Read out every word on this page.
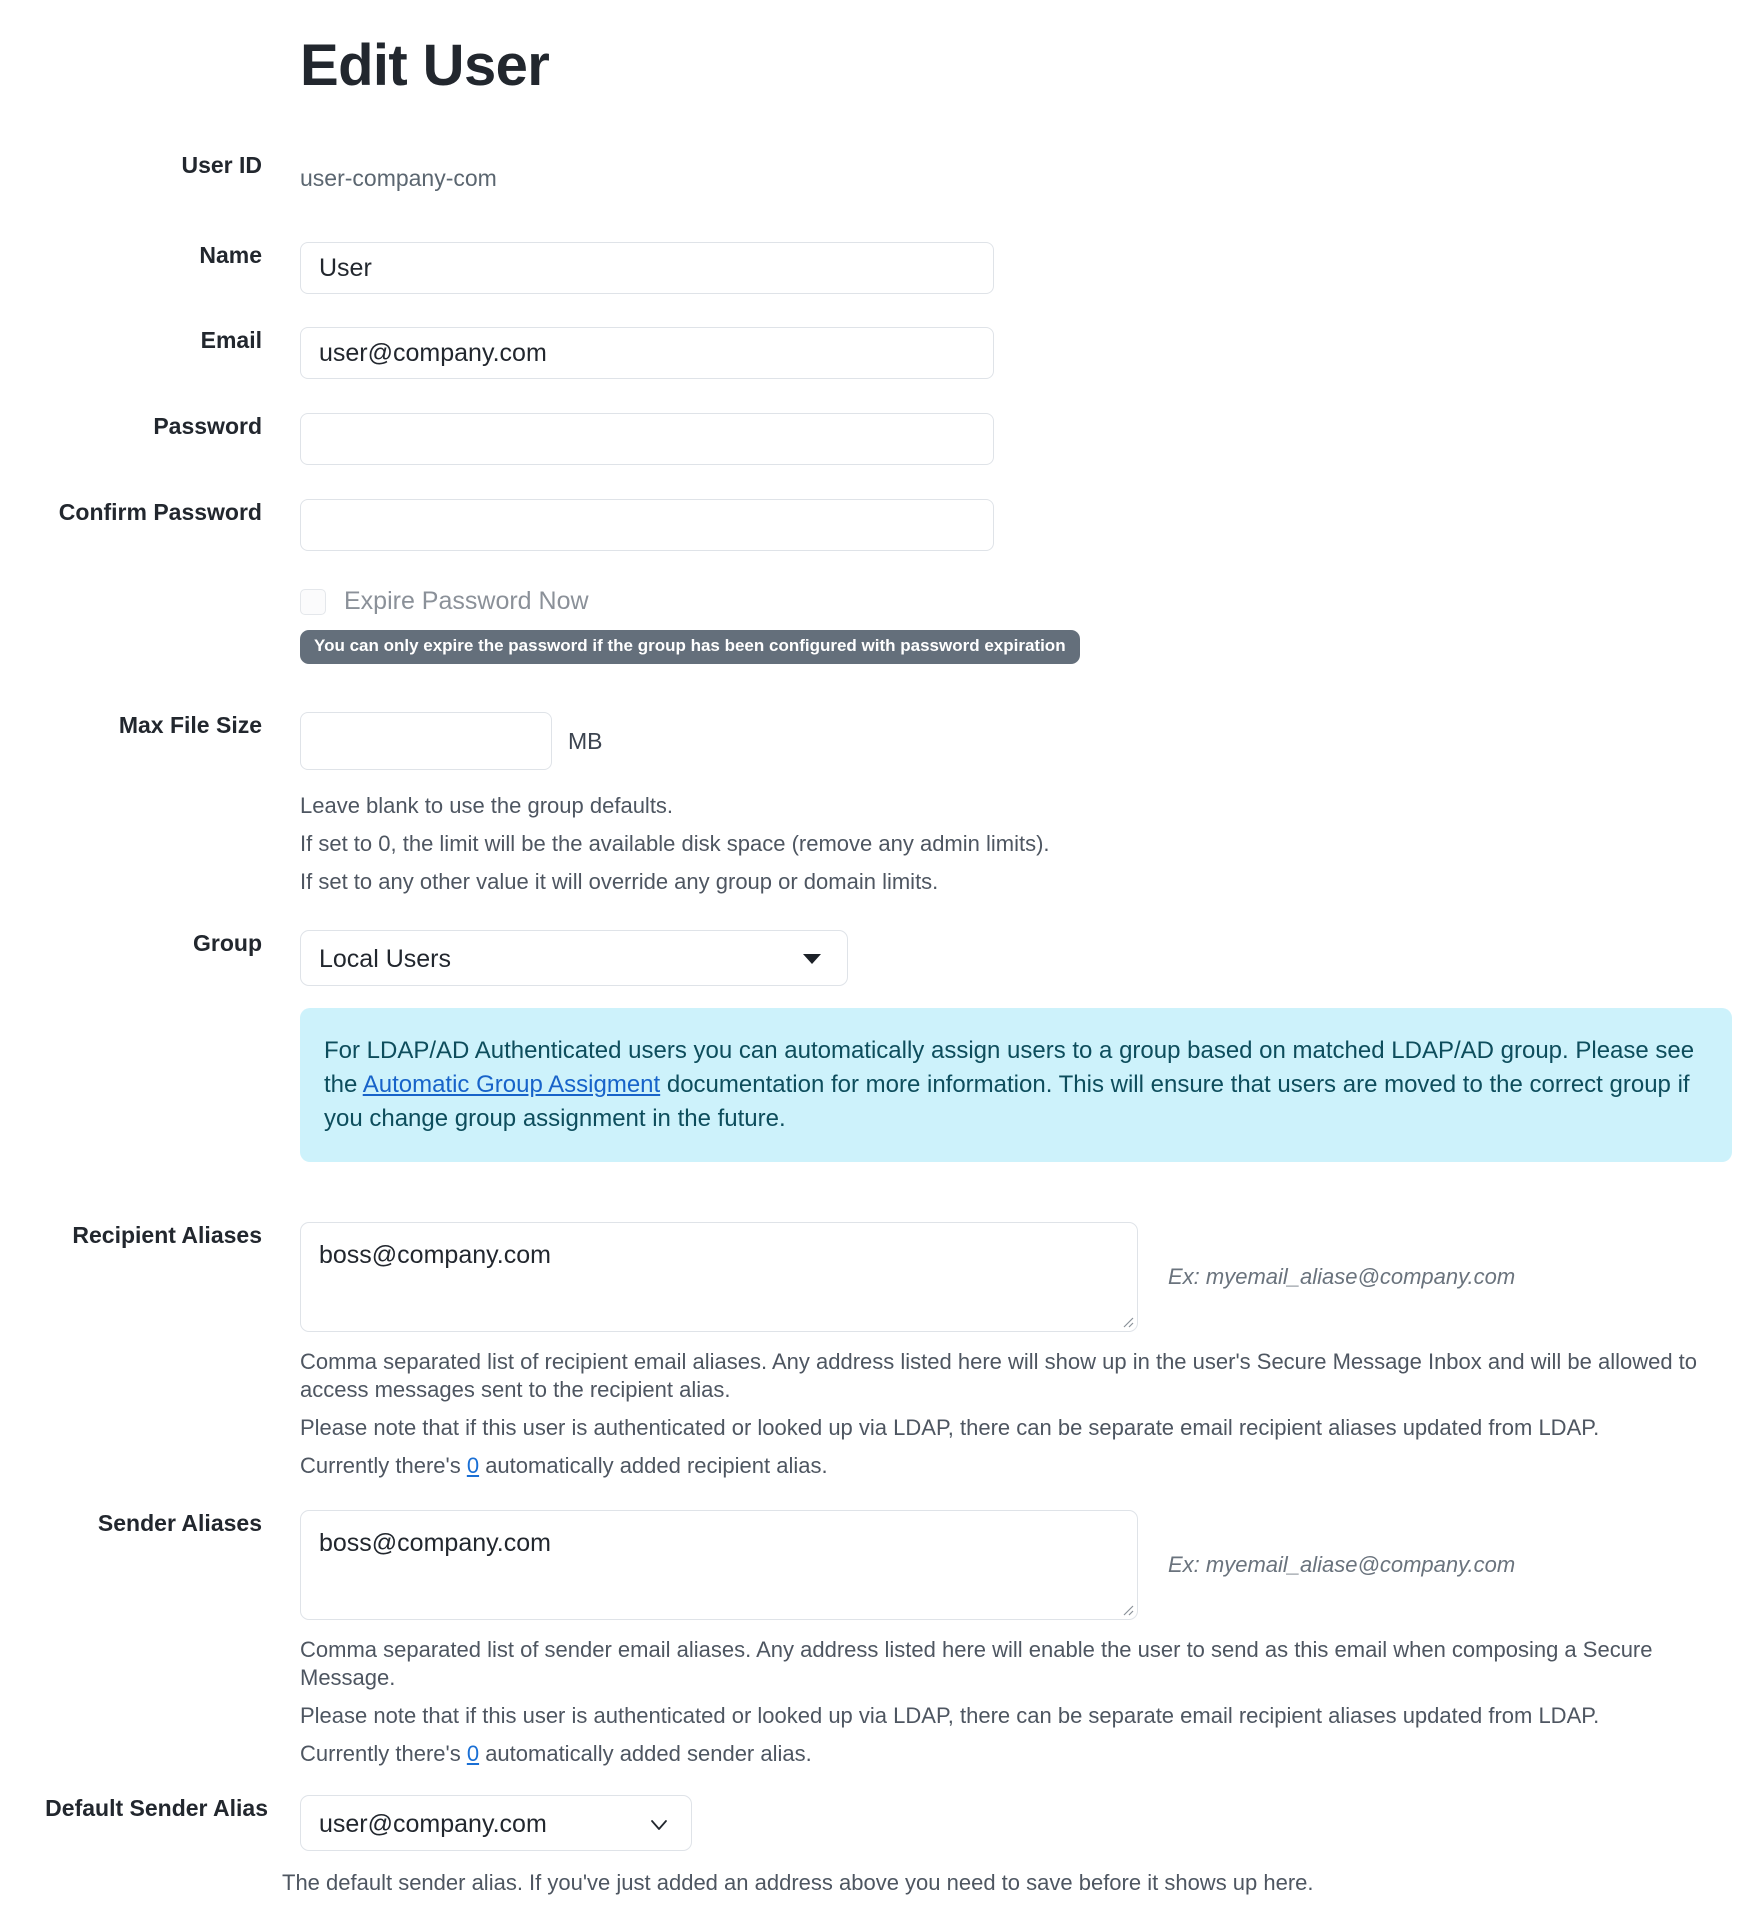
Edit User
User ID user-company-com
Name
User
Email
user@company.com
Password
Confirm Password
Expire Password Now
You can only expire the password if the group has been configured with password expiration
Max File Size
MB
Leave blank to use the group defaults.
If set to 0, the limit will be the available disk space (remove any admin limits).
If set to any other value it will override any group or domain limits.
Group
Local Users
For LDAP/AD Authenticated users you can automatically assign users to a group based on matched LDAP/AD group. Please see the Automatic Group Assigment documentation for more information. This will ensure that users are moved to the correct group if you change group assignment in the future.
Recipient Aliases
boss@company.com
Ex: myemail_aliase@company.com
Comma separated list of recipient email aliases. Any address listed here will show up in the user's Secure Message Inbox and will be allowed to access messages sent to the recipient alias.
Please note that if this user is authenticated or looked up via LDAP, there can be separate email recipient aliases updated from LDAP.
Currently there's 0 automatically added recipient alias.
Sender Aliases
boss@company.com
Ex: myemail_aliase@company.com
Comma separated list of sender email aliases. Any address listed here will enable the user to send as this email when composing a Secure Message.
Please note that if this user is authenticated or looked up via LDAP, there can be separate email recipient aliases updated from LDAP.
Currently there's 0 automatically added sender alias.
Default Sender Alias
user@company.com
The default sender alias. If you've just added an address above you need to save before it shows up here.
